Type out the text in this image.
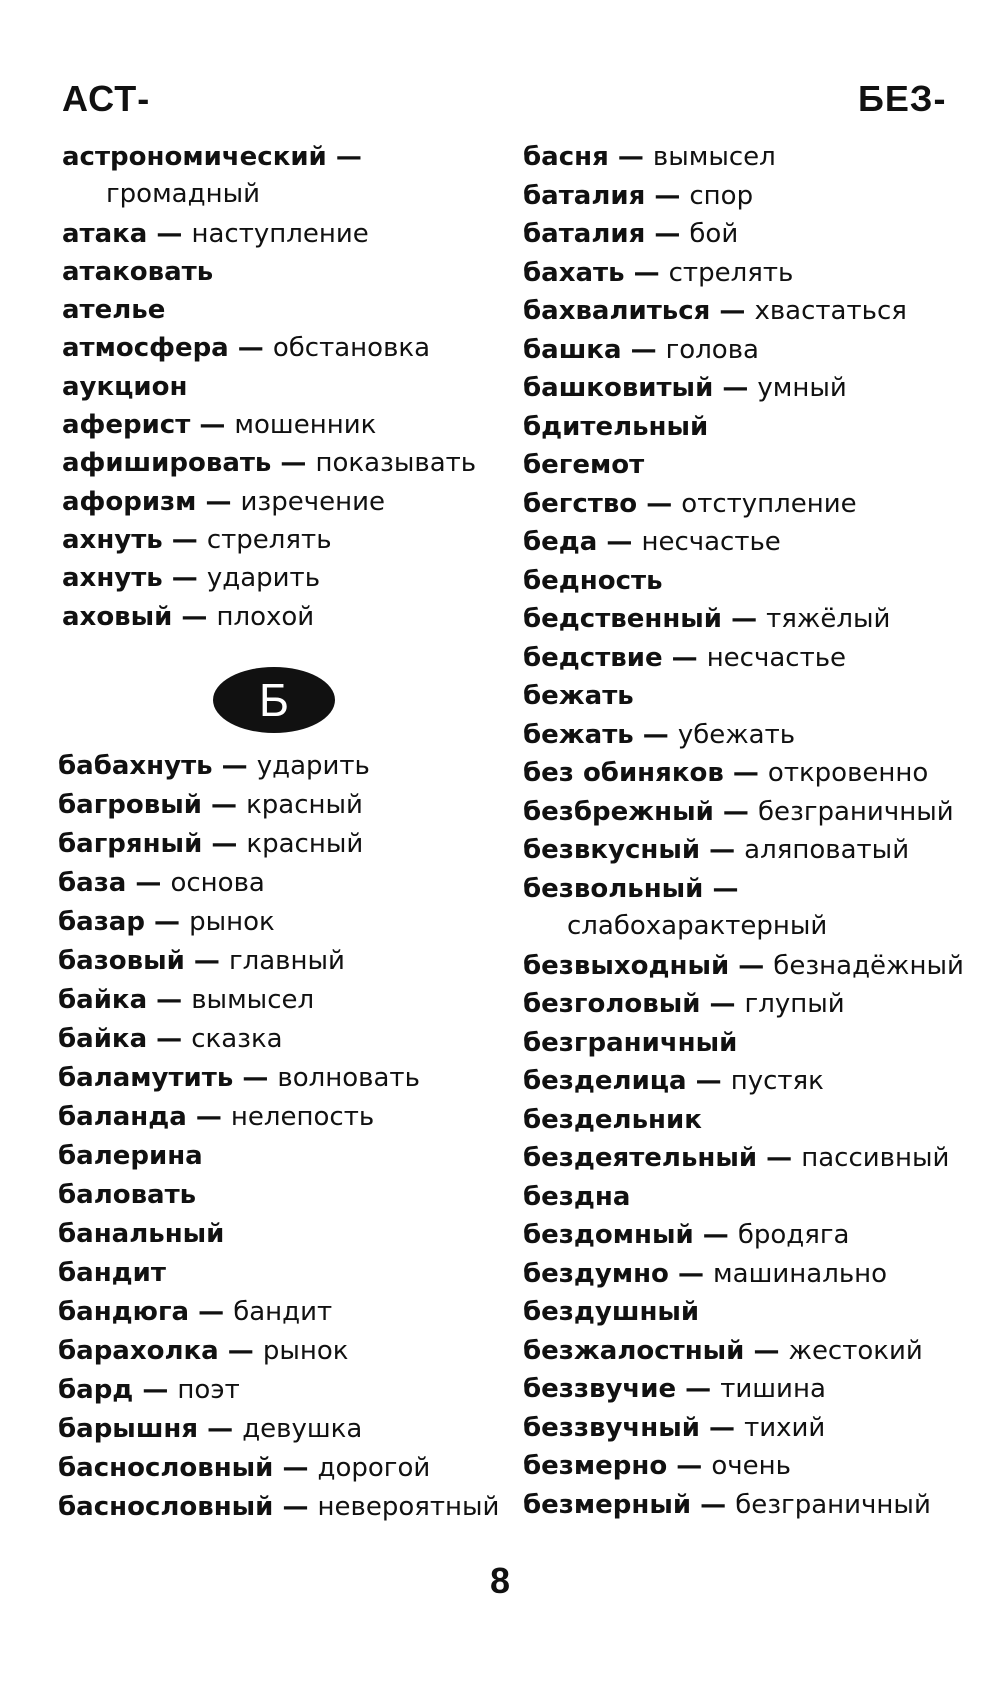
АСТ-	БЕЗ-
астрономический —
громадный
атака — наступление
атаковать
ателье
атмосфера — обстановка
аукцион
аферист — мошенник
афишировать — показывать
афоризм — изречение
ахнуть — стрелять
ахнуть — ударить
аховый — плохой
Б
бабахнуть — ударить
багровый — красный
багряный — красный
база — основа
базар — рынок
базовый — главный
байка — вымысел
байка — сказка
баламутить — волновать
баланда — нелепость
балерина
баловать
банальный
бандит
бандюга — бандит
барахолка — рынок
бард — поэт
барышня — девушка
баснословный — дорогой
баснословный — невероятный
басня — вымысел
баталия — спор
баталия — бой
бахать — стрелять
бахвалиться — хвастаться
башка — голова
башковитый — умный
бдительный
бегемот
бегство — отступление
беда — несчастье
бедность
бедственный — тяжёлый
бедствие — несчастье
бежать
бежать — убежать
без обиняков — откровенно
безбрежный — безграничный
безвкусный — аляповатый
безвольный —
слабохарактерный
безвыходный — безнадёжный
безголовый — глупый
безграничный
безделица — пустяк
бездельник
бездеятельный — пассивный
бездна
бездомный — бродяга
бездумно — машинально
бездушный
безжалостный — жестокий
беззвучие — тишина
беззвучный — тихий
безмерно — очень
безмерный — безграничный
8
